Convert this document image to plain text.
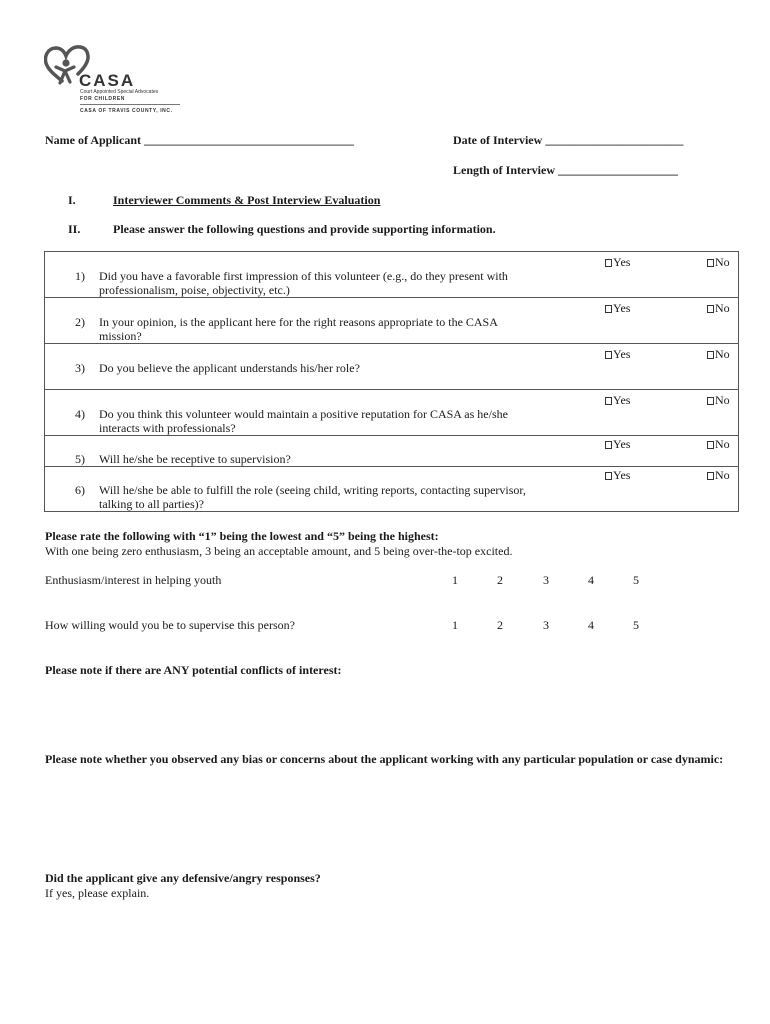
CASA
Court Appointed Special Advocates
FOR CHILDREN
CASA OF TRAVIS COUNTY, INC.
Name of Applicant ___________________________________	Date of Interview _______________________
Length of Interview ____________________
I.	Interviewer Comments & Post Interview Evaluation
II.	Please answer the following questions and provide supporting information.
1) Did you have a favorable first impression of this volunteer (e.g., do they present with professionalism, poise, objectivity, etc.)
Yes	No

2) In your opinion, is the applicant here for the right reasons appropriate to the CASA mission?
Yes	No

3) Do you believe the applicant understands his/her role?
Yes	No

4) Do you think this volunteer would maintain a positive reputation for CASA as he/she interacts with professionals?
Yes	No

5) Will he/she be receptive to supervision?
Yes	No

6) Will he/she be able to fulfill the role (seeing child, writing reports, contacting supervisor, talking to all parties)?
Yes	No
Please rate the following with “1” being the lowest and “5” being the highest:
With one being zero enthusiasm, 3 being an acceptable amount, and 5 being over-the-top excited.
Enthusiasm/interest in helping youth	1	2	3	4	5
How willing would you be to supervise this person?	1	2	3	4	5
Please note if there are ANY potential conflicts of interest:
Please note whether you observed any bias or concerns about the applicant working with any particular population or case dynamic:
Did the applicant give any defensive/angry responses?
If yes, please explain.
